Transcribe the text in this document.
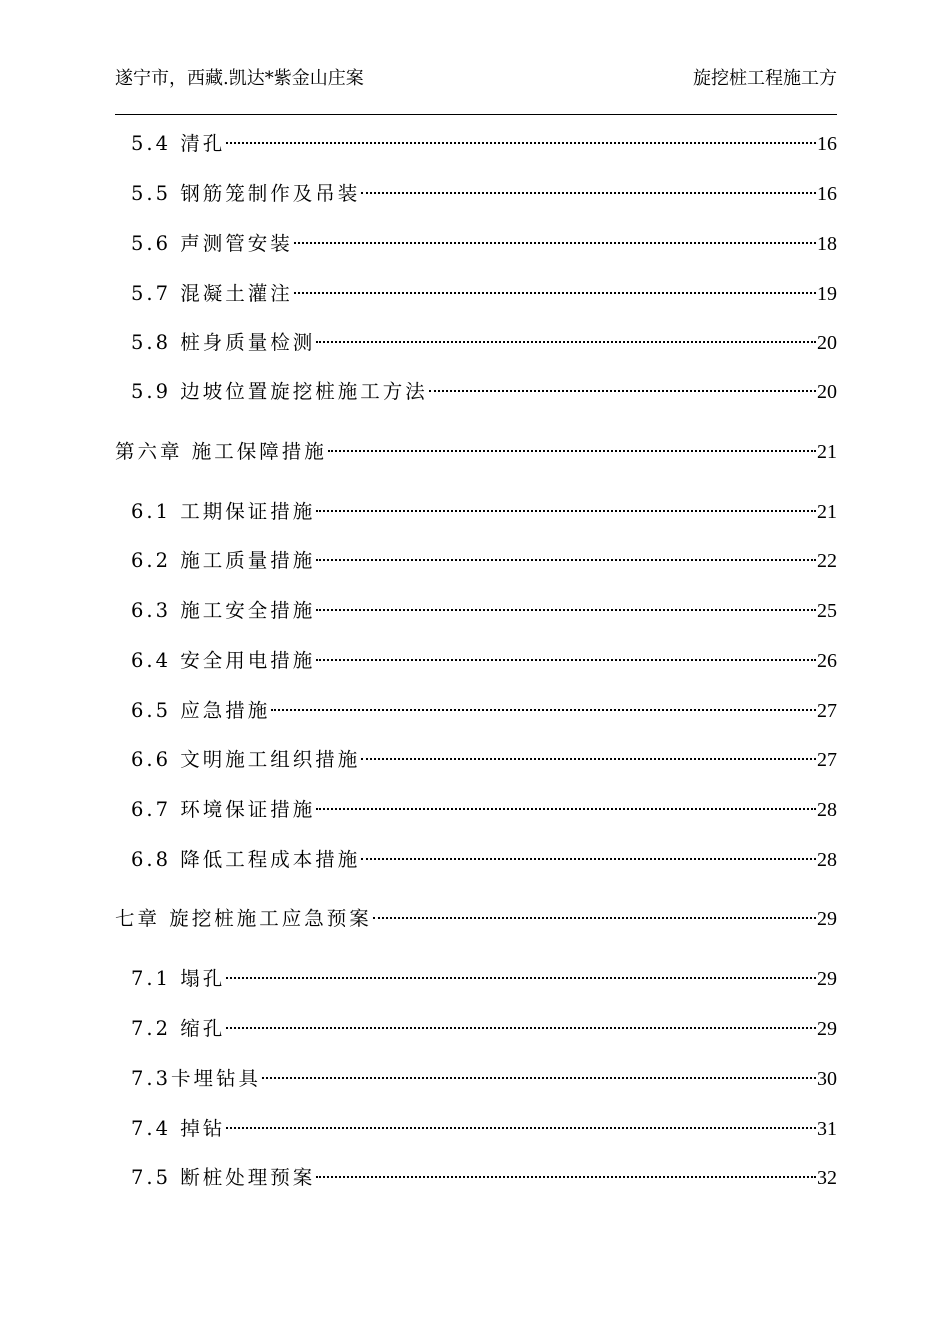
遂宁市，西藏.凯达*紫金山庄案	旋挖桩工程施工方
5.4 清孔	16
5.5 钢筋笼制作及吊装	16
5.6 声测管安装	18
5.7 混凝土灌注	19
5.8 桩身质量检测	20
5.9 边坡位置旋挖桩施工方法	20
第六章 施工保障措施	21
6.1 工期保证措施	21
6.2 施工质量措施	22
6.3 施工安全措施	25
6.4 安全用电措施	26
6.5 应急措施	27
6.6 文明施工组织措施	27
6.7 环境保证措施	28
6.8 降低工程成本措施	28
七章 旋挖桩施工应急预案	29
7.1 塌孔	29
7.2 缩孔	29
7.3卡埋钻具	30
7.4 掉钻	31
7.5 断桩处理预案	32
